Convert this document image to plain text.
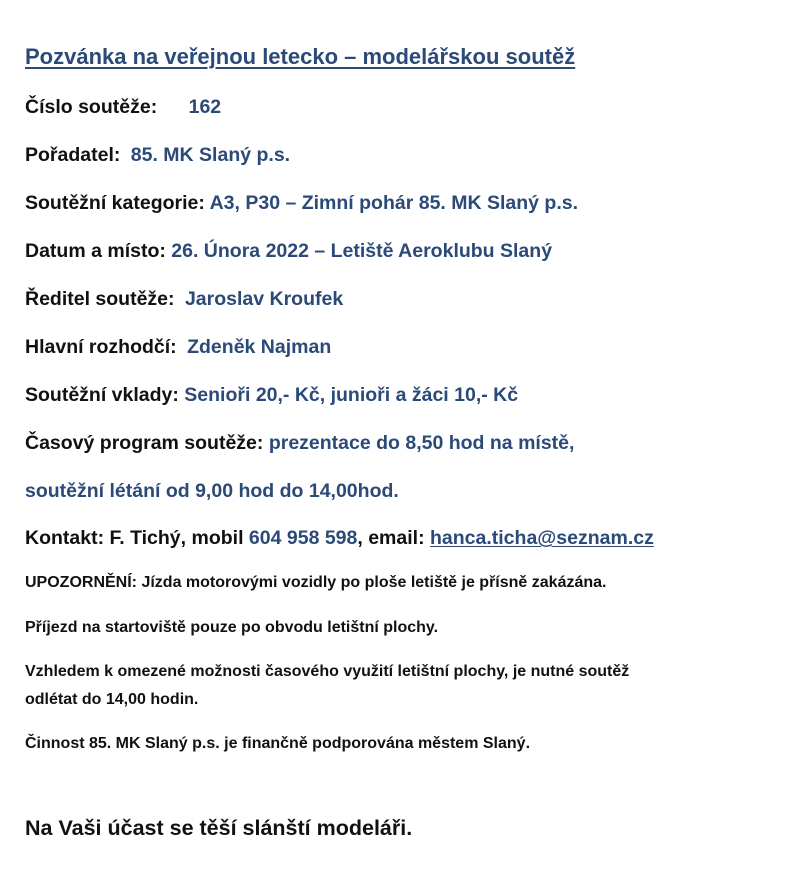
Pozvánka na veřejnou letecko – modelářskou soutěž
Číslo soutěže: 162
Pořadatel: 85. MK Slaný p.s.
Soutěžní kategorie: A3, P30 – Zimní pohár 85. MK Slaný p.s.
Datum a místo: 26. Února 2022 – Letiště Aeroklubu Slaný
Ředitel soutěže: Jaroslav Kroufek
Hlavní rozhodčí: Zdeněk Najman
Soutěžní vklady: Senioři 20,- Kč, junioři a žáci 10,- Kč
Časový program soutěže: prezentace do 8,50 hod na místě,
soutěžní létání od 9,00 hod do 14,00hod.
Kontakt: F. Tichý, mobil 604 958 598, email: hanca.ticha@seznam.cz
UPOZORNĚNÍ: Jízda motorovými vozidly po ploše letiště je přísně zakázána.
Příjezd na startoviště pouze po obvodu letištní plochy.
Vzhledem k omezené možnosti časového využití letištní plochy, je nutné soutěž
odlétat do 14,00 hodin.
Činnost 85. MK Slaný p.s. je finančně podporována městem Slaný.
Na Vaši účast se těší slánští modeláři.
